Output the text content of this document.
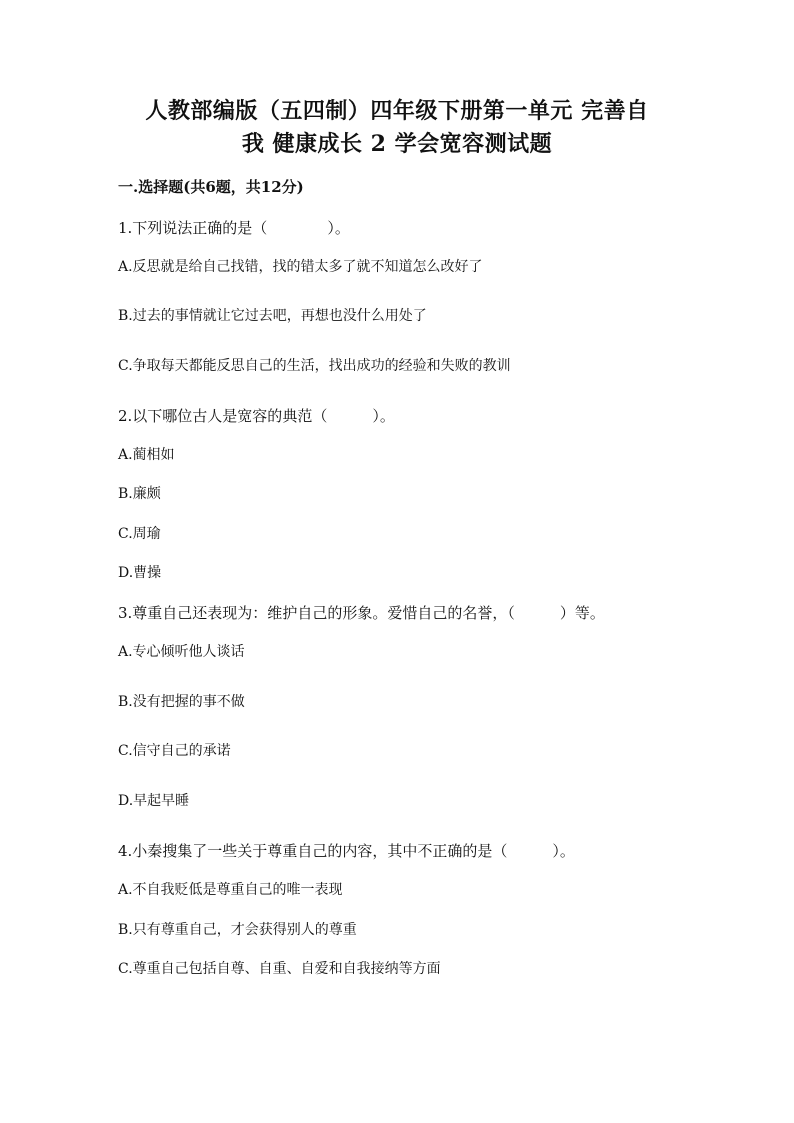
人教部编版（五四制）四年级下册第一单元 完善自
我 健康成长 2 学会宽容测试题

一.选择题(共6题，共12分)

1.下列说法正确的是（　　　　）。

A.反思就是给自己找错，找的错太多了就不知道怎么改好了

B.过去的事情就让它过去吧，再想也没什么用处了

C.争取每天都能反思自己的生活，找出成功的经验和失败的教训

2.以下哪位古人是宽容的典范（　　　）。

A.蔺相如

B.廉颇

C.周瑜

D.曹操

3.尊重自己还表现为：维护自己的形象。爱惜自己的名誉，（　　　）等。

A.专心倾听他人谈话

B.没有把握的事不做

C.信守自己的承诺

D.早起早睡

4.小秦搜集了一些关于尊重自己的内容，其中不正确的是（　　　）。

A.不自我贬低是尊重自己的唯一表现

B.只有尊重自己，才会获得别人的尊重

C.尊重自己包括自尊、自重、自爱和自我接纳等方面
